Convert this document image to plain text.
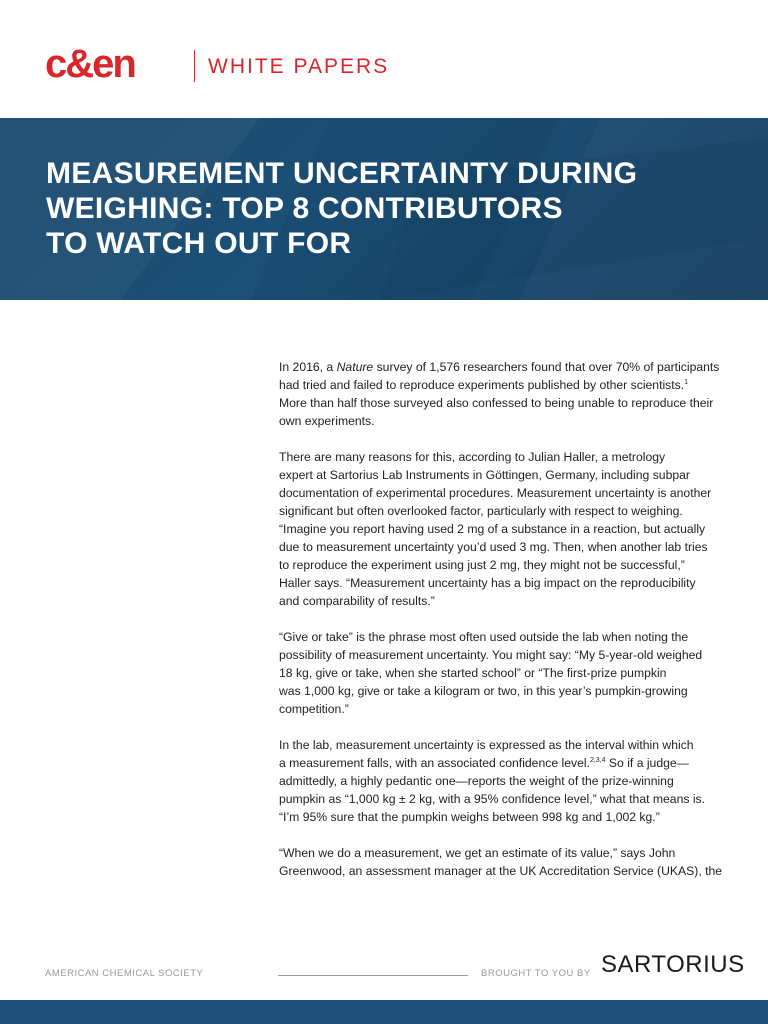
c&en	WHITE PAPERS
MEASUREMENT UNCERTAINTY DURING
WEIGHING: TOP 8 CONTRIBUTORS
TO WATCH OUT FOR
In 2016, a Nature survey of 1,576 researchers found that over 70% of participants
had tried and failed to reproduce experiments published by other scientists.$^1$
More than half those surveyed also confessed to being unable to reproduce their
own experiments.
There are many reasons for this, according to Julian Haller, a metrology
expert at Sartorius Lab Instruments in Göttingen, Germany, including subpar
documentation of experimental procedures. Measurement uncertainty is another
significant but often overlooked factor, particularly with respect to weighing.
“Imagine you report having used 2 mg of a substance in a reaction, but actually
due to measurement uncertainty you’d used 3 mg. Then, when another lab tries
to reproduce the experiment using just 2 mg, they might not be successful,”
Haller says. “Measurement uncertainty has a big impact on the reproducibility
and comparability of results.”
“Give or take” is the phrase most often used outside the lab when noting the
possibility of measurement uncertainty. You might say: “My 5-year-old weighed
18 kg, give or take, when she started school” or “The first-prize pumpkin
was 1,000 kg, give or take a kilogram or two, in this year’s pumpkin-growing
competition.”
In the lab, measurement uncertainty is expressed as the interval within which
a measurement falls, with an associated confidence level.$^{2,3,4}$ So if a judge—
admittedly, a highly pedantic one—reports the weight of the prize-winning
pumpkin as “1,000 kg ± 2 kg, with a 95% confidence level,” what that means is.
“I’m 95% sure that the pumpkin weighs between 998 kg and 1,002 kg.”
“When we do a measurement, we get an estimate of its value,” says John
Greenwood, an assessment manager at the UK Accreditation Service (UKAS), the
AMERICAN CHEMICAL SOCIETY	BROUGHT TO YOU BY SARTORIUS
